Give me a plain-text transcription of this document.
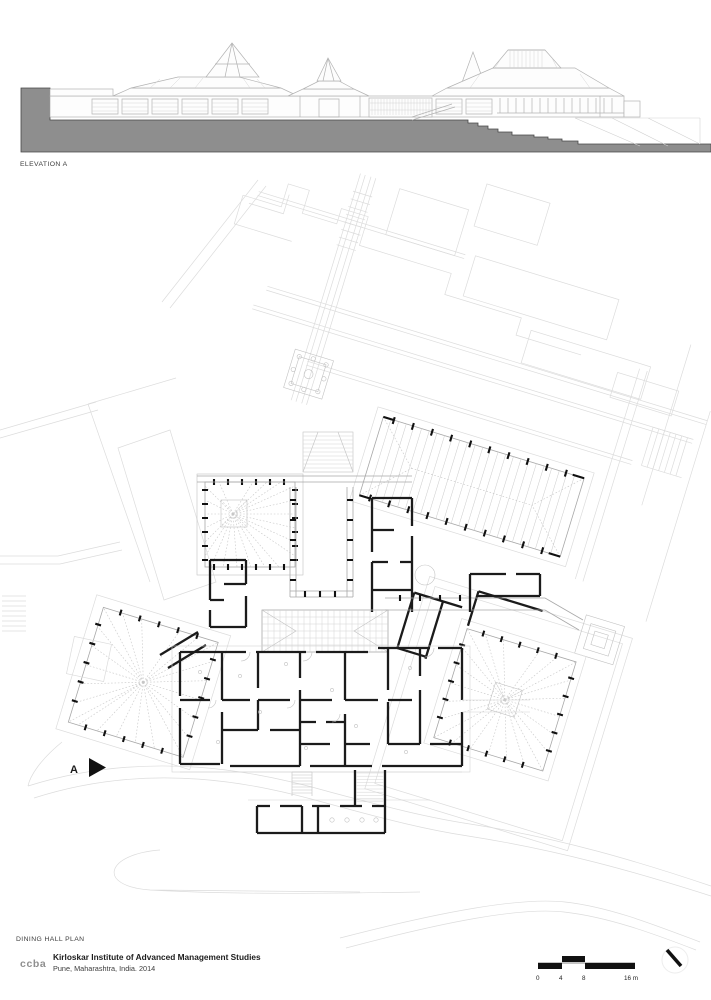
ELEVATION A
A
DINING HALL PLAN
ccba
Kirloskar Institute of Advanced Management Studies
Pune, Maharashtra, India. 2014
0	4	8	16 m
